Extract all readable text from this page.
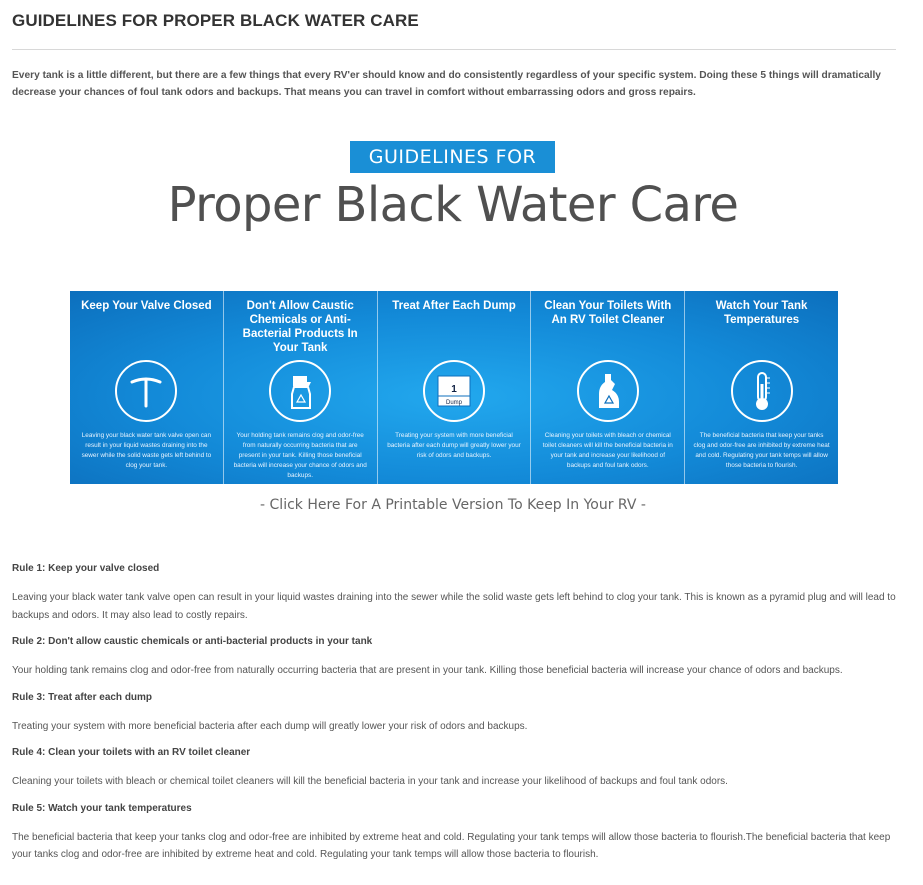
GUIDELINES FOR PROPER BLACK WATER CARE

Every tank is a little different, but there are a few things that every RV'er should know and do consistently regardless of your specific system. Doing these 5 things will dramatically decrease your chances of foul tank odors and backups. That means you can travel in comfort without embarrassing odors and gross repairs.

GUIDELINES FOR
Proper Black Water Care
Keep Your Valve Closed
Leaving your black water tank valve open can result in your liquid wastes draining into the sewer while the solid waste gets left behind to clog your tank.
Don't Allow Caustic Chemicals or Anti-Bacterial Products In Your Tank
Your holding tank remains clog and odor-free from naturally occurring bacteria that are present in your tank. Killing those beneficial bacteria will increase your chance of odors and backups.
Treat After Each Dump
1
Dump
Treating your system with more beneficial bacteria after each dump will greatly lower your risk of odors and backups.
Clean Your Toilets With An RV Toilet Cleaner
Cleaning your toilets with bleach or chemical toilet cleaners will kill the beneficial bacteria in your tank and increase your likelihood of backups and foul tank odors.
Watch Your Tank Temperatures
The beneficial bacteria that keep your tanks clog and odor-free are inhibited by extreme heat and cold. Regulating your tank temps will allow those bacteria to flourish.
- Click Here For A Printable Version To Keep In Your RV -

Rule 1: Keep your valve closed

Leaving your black water tank valve open can result in your liquid wastes draining into the sewer while the solid waste gets left behind to clog your tank. This is known as a pyramid plug and will lead to backups and odors. It may also lead to costly repairs.

Rule 2: Don't allow caustic chemicals or anti-bacterial products in your tank

Your holding tank remains clog and odor-free from naturally occurring bacteria that are present in your tank. Killing those beneficial bacteria will increase your chance of odors and backups.

Rule 3: Treat after each dump

Treating your system with more beneficial bacteria after each dump will greatly lower your risk of odors and backups.

Rule 4: Clean your toilets with an RV toilet cleaner

Cleaning your toilets with bleach or chemical toilet cleaners will kill the beneficial bacteria in your tank and increase your likelihood of backups and foul tank odors.

Rule 5: Watch your tank temperatures

The beneficial bacteria that keep your tanks clog and odor-free are inhibited by extreme heat and cold. Regulating your tank temps will allow those bacteria to flourish.The beneficial bacteria that keep your tanks clog and odor-free are inhibited by extreme heat and cold. Regulating your tank temps will allow those bacteria to flourish.
